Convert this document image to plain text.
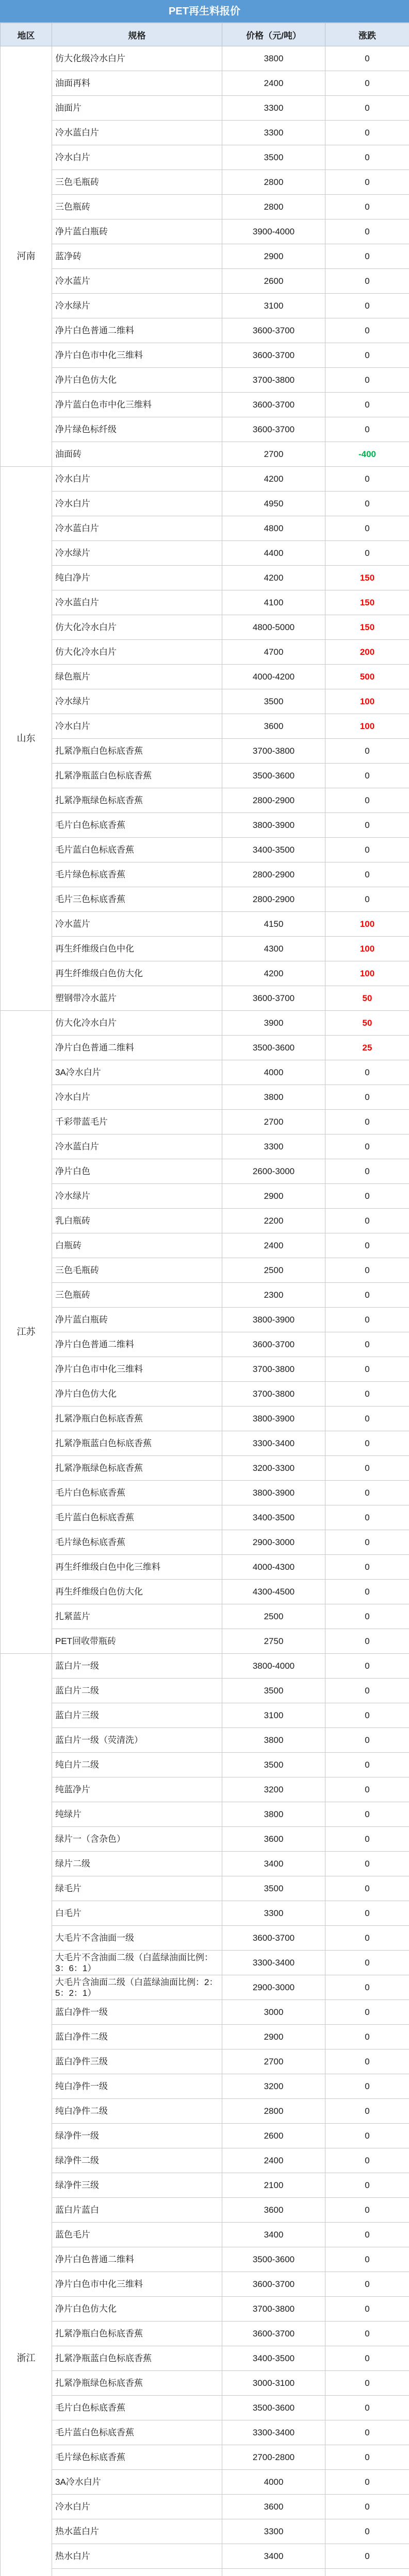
PET再生料报价
地区	规格	价格（元/吨）	涨跌
河南	仿大化级冷水白片	3800	0
	油面再料	2400	0
	油面片	3300	0
	冷水蓝白片	3300	0
	冷水白片	3500	0
	三色毛瓶砖	2800	0
	三色瓶砖	2800	0
	净片蓝白瓶砖	3900-4000	0
	蓝净砖	2900	0
	冷水蓝片	2600	0
	冷水绿片	3100	0
	净片白色普通二维料	3600-3700	0
	净片白色市中化三维料	3600-3700	0
	净片白色仿大化	3700-3800	0
	净片蓝白色市中化三维料	3600-3700	0
	净片绿色标纤级	3600-3700	0
	油面砖	2700	-400
山东	冷水白片	4200	0
	冷水白片	4950	0
	冷水蓝白片	4800	0
	冷水绿片	4400	0
	纯白净片	4200	150
	冷水蓝白片	4100	150
	仿大化冷水白片	4800-5000	150
	仿大化冷水白片	4700	200
	绿色瓶片	4000-4200	500
	冷水绿片	3500	100
	冷水白片	3600	100
	扎紧净瓶白色标底香蕉	3700-3800	0
	扎紧净瓶蓝白色标底香蕉	3500-3600	0
	扎紧净瓶绿色标底香蕉	2800-2900	0
	毛片白色标底香蕉	3800-3900	0
	毛片蓝白色标底香蕉	3400-3500	0
	毛片绿色标底香蕉	2800-2900	0
	毛片三色标底香蕉	2800-2900	0
	冷水蓝片	4150	100
	再生纤维级白色中化	4300	100
	再生纤维级白色仿大化	4200	100
	塑钢带冷水蓝片	3600-3700	50
江苏	仿大化冷水白片	3900	50
	净片白色普通二维料	3500-3600	25
	3A冷水白片	4000	0
	冷水白片	3800	0
	千彩带蓝毛片	2700	0
	冷水蓝白片	3300	0
	净片白色	2600-3000	0
	冷水绿片	2900	0
	乳白瓶砖	2200	0
	白瓶砖	2400	0
	三色毛瓶砖	2500	0
	三色瓶砖	2300	0
	净片蓝白瓶砖	3800-3900	0
	净片白色普通二维料	3600-3700	0
	净片白色市中化三维料	3700-3800	0
	净片白色仿大化	3700-3800	0
	扎紧净瓶白色标底香蕉	3800-3900	0
	扎紧净瓶蓝白色标底香蕉	3300-3400	0
	扎紧净瓶绿色标底香蕉	3200-3300	0
	毛片白色标底香蕉	3800-3900	0
	毛片蓝白色标底香蕉	3400-3500	0
	毛片绿色标底香蕉	2900-3000	0
	再生纤维级白色中化三维料	4000-4300	0
	再生纤维级白色仿大化	4300-4500	0
	扎紧蓝片	2500	0
	PET回收带瓶砖	2750	0
浙江	蓝白片一级	3800-4000	0
	蓝白片二级	3500	0
	蓝白片三级	3100	0
	蓝白片一级（荧清洗）	3800	0
	纯白片二级	3500	0
	纯蓝净片	3200	0
	纯绿片	3800	0
	绿片一（含杂色）	3600	0
	绿片二级	3400	0
	绿毛片	3500	0
	白毛片	3300	0
	大毛片不含油面一级	3600-3700	0
	大毛片不含油面二级（白蓝绿油面比例：3：6：1）	3300-3400	0
	大毛片含油面二级（白蓝绿油面比例：2：5：2：1）	2900-3000	0
	蓝白净件一级	3000	0
	蓝白净件二级	2900	0
	蓝白净件三级	2700	0
	纯白净件一级	3200	0
	纯白净件二级	2800	0
	绿净件一级	2600	0
	绿净件二级	2400	0
	绿净件三级	2100	0
	蓝白片蓝白	3600	0
	蓝色毛片	3400	0
	净片白色普通二维料	3500-3600	0
	净片白色市中化三维料	3600-3700	0
	净片白色仿大化	3700-3800	0
	扎紧净瓶白色标底香蕉	3600-3700	0
	扎紧净瓶蓝白色标底香蕉	3400-3500	0
	扎紧净瓶绿色标底香蕉	3000-3100	0
	毛片白色标底香蕉	3500-3600	0
	毛片蓝白色标底香蕉	3300-3400	0
	毛片绿色标底香蕉	2700-2800	0
	3A冷水白片	4000	0
	冷水白片	3600	0
	热水蓝白片	3300	0
	热水白片	3400	0
